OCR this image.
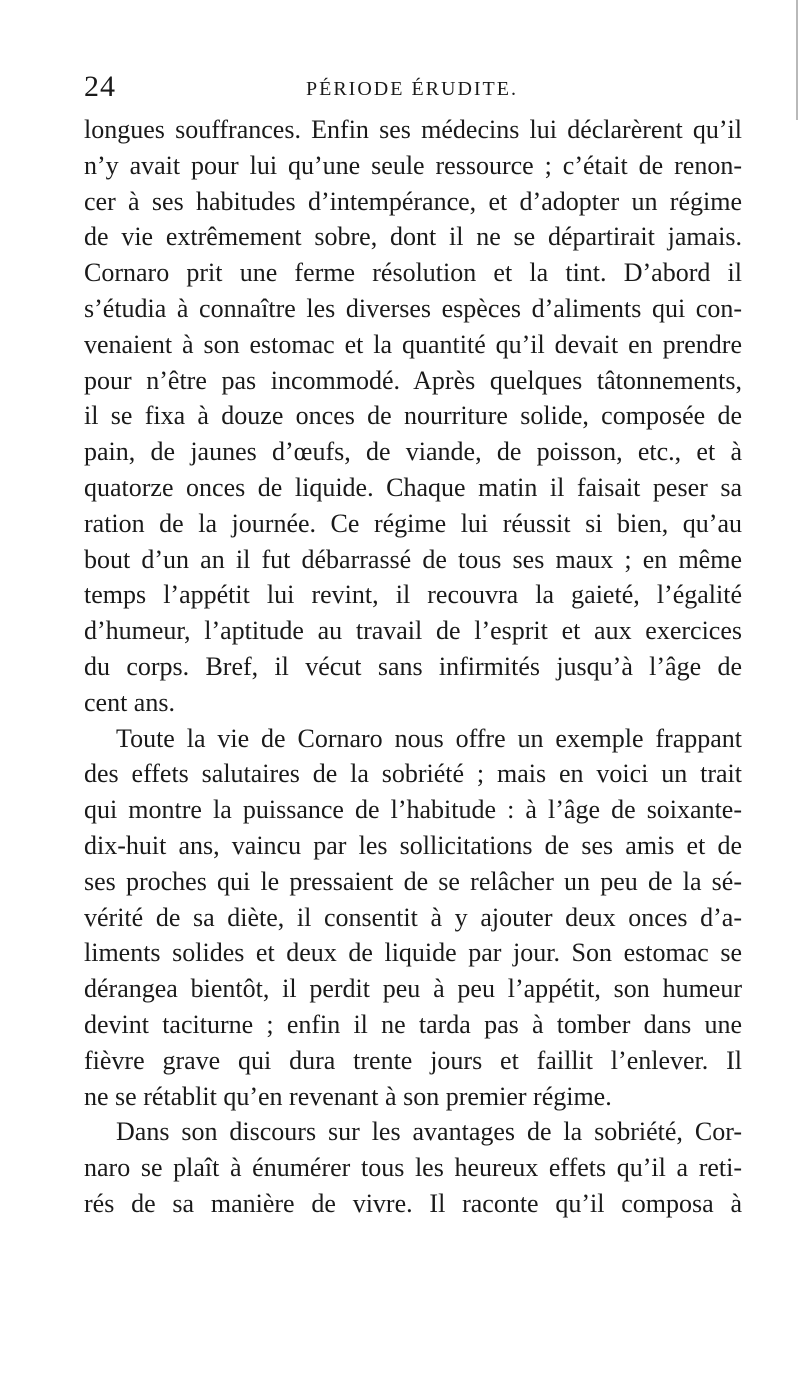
24	PÉRIODE ÉRUDITE.
longues souffrances. Enfin ses médecins lui déclarèrent qu’il
n’y avait pour lui qu’une seule ressource ; c’était de renon-
cer à ses habitudes d’intempérance, et d’adopter un régime
de vie extrêmement sobre, dont il ne se départirait jamais.
Cornaro prit une ferme résolution et la tint. D’abord il
s’étudia à connaître les diverses espèces d’aliments qui con-
venaient à son estomac et la quantité qu’il devait en prendre
pour n’être pas incommodé. Après quelques tâtonnements,
il se fixa à douze onces de nourriture solide, composée de
pain, de jaunes d’œufs, de viande, de poisson, etc., et à
quatorze onces de liquide. Chaque matin il faisait peser sa
ration de la journée. Ce régime lui réussit si bien, qu’au
bout d’un an il fut débarrassé de tous ses maux ; en même
temps l’appétit lui revint, il recouvra la gaieté, l’égalité
d’humeur, l’aptitude au travail de l’esprit et aux exercices
du corps. Bref, il vécut sans infirmités jusqu’à l’âge de
cent ans.
Toute la vie de Cornaro nous offre un exemple frappant
des effets salutaires de la sobriété ; mais en voici un trait
qui montre la puissance de l’habitude : à l’âge de soixante-
dix-huit ans, vaincu par les sollicitations de ses amis et de
ses proches qui le pressaient de se relâcher un peu de la sé-
vérité de sa diète, il consentit à y ajouter deux onces d’a-
liments solides et deux de liquide par jour. Son estomac se
dérangea bientôt, il perdit peu à peu l’appétit, son humeur
devint taciturne ; enfin il ne tarda pas à tomber dans une
fièvre grave qui dura trente jours et faillit l’enlever. Il
ne se rétablit qu’en revenant à son premier régime.
Dans son discours sur les avantages de la sobriété, Cor-
naro se plaît à énumérer tous les heureux effets qu’il a reti-
rés de sa manière de vivre. Il raconte qu’il composa à
